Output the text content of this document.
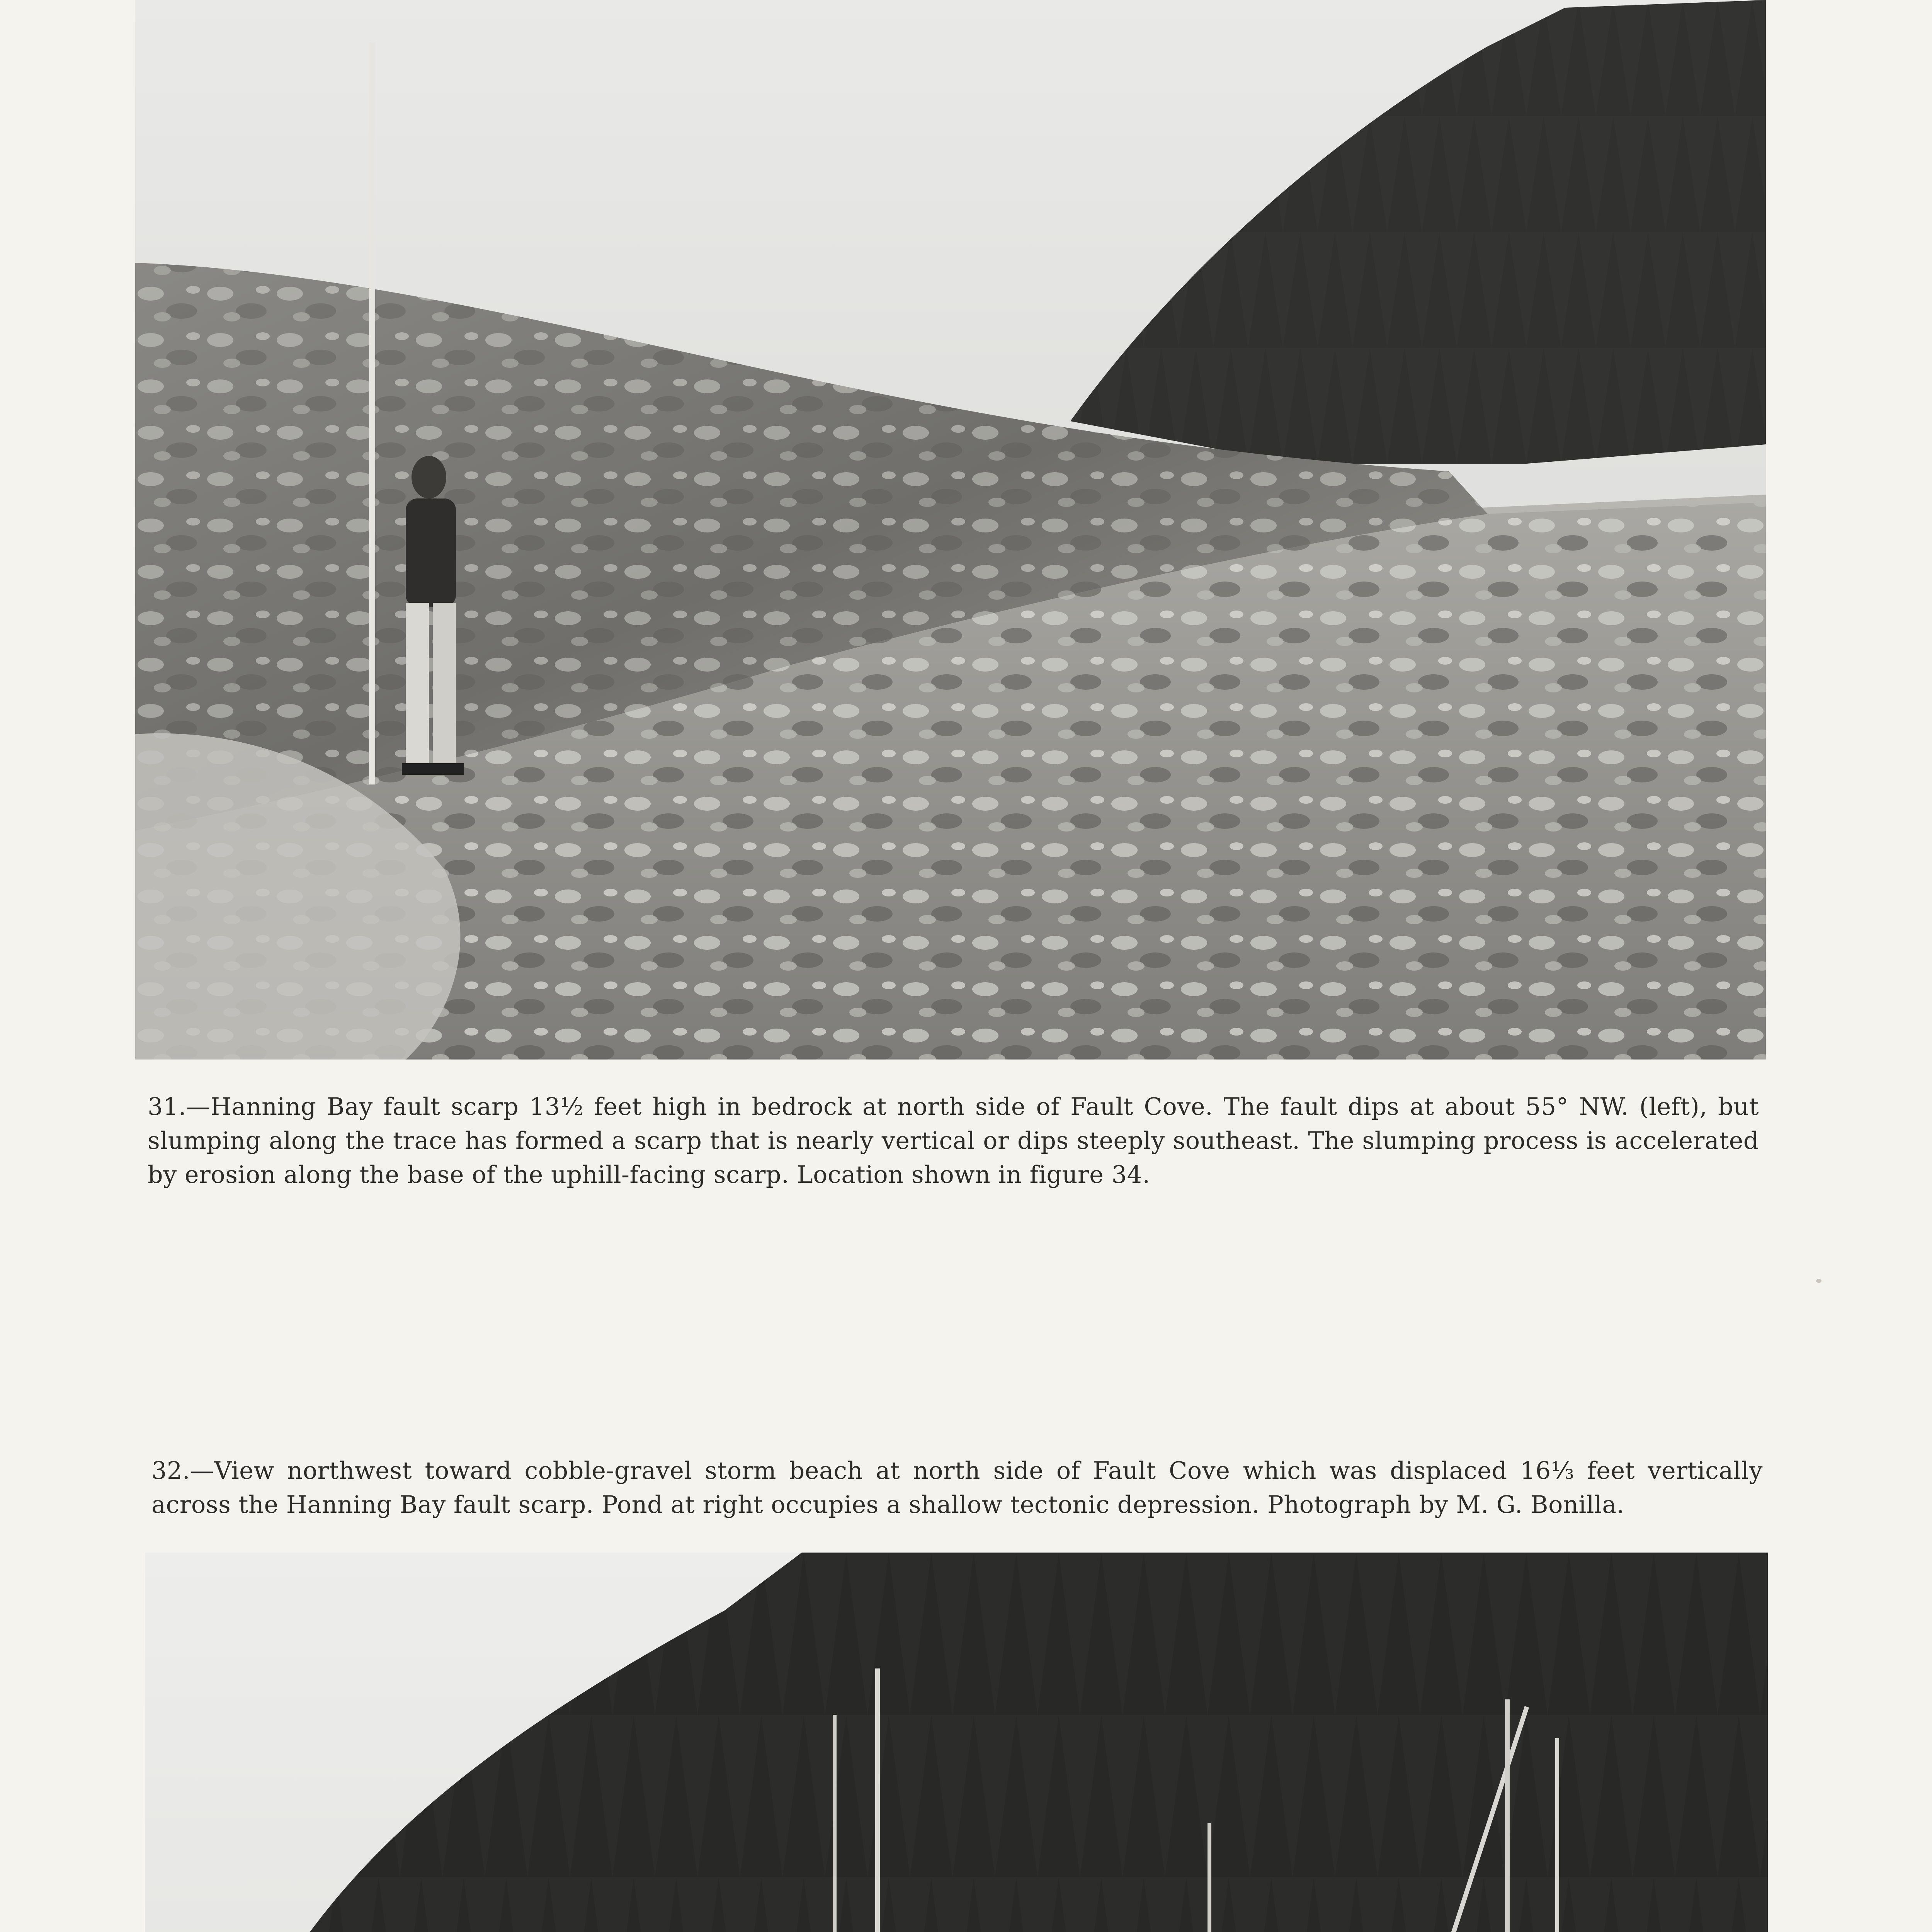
31.—Hanning Bay fault scarp 13½ feet high in bedrock at north side of Fault Cove. The fault dips at about 55° NW. (left), but slumping along the trace has formed a scarp that is nearly vertical or dips steeply southeast. The slumping process is accelerated by erosion along the base of the uphill-facing scarp. Location shown in figure 34.

32.—View northwest toward cobble-gravel storm beach at north side of Fault Cove which was displaced 16⅓ feet vertically across the Hanning Bay fault scarp. Pond at right occupies a shallow tectonic depression. Photograph by M. G. Bonilla.
